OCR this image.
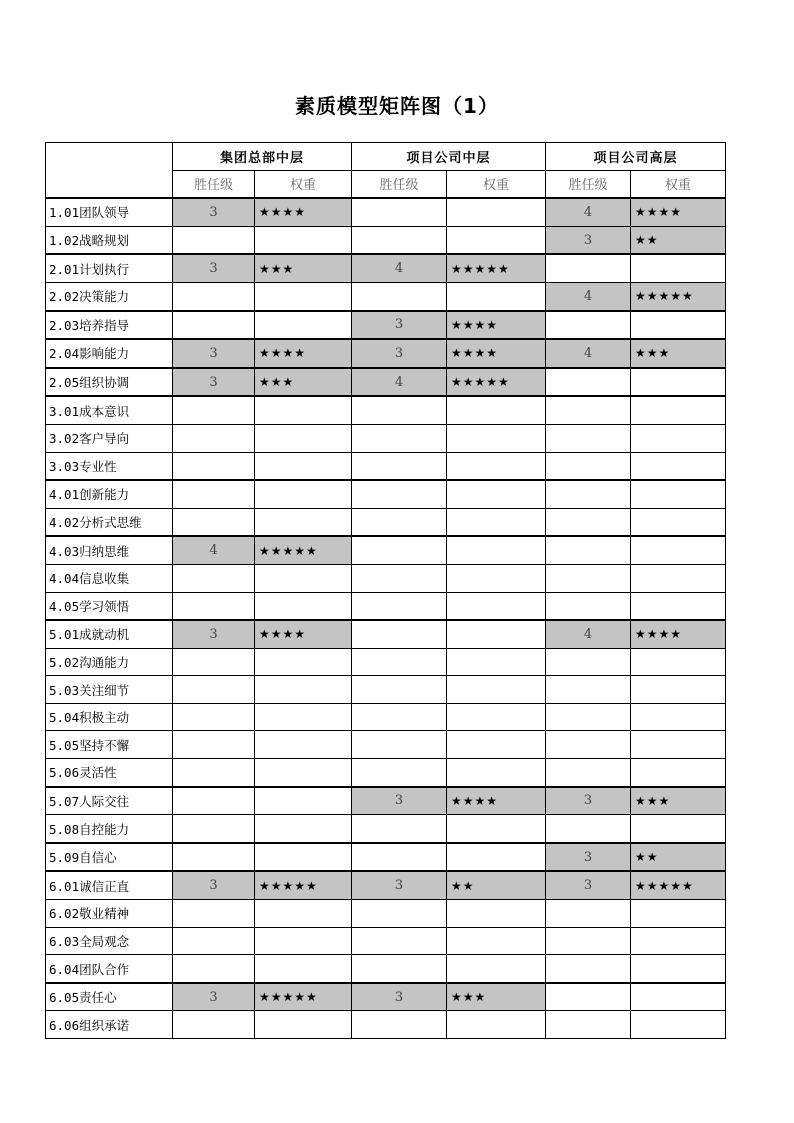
素质模型矩阵图（1）
	集团总部中层		项目公司中层		项目公司高层	
	胜任级	权重	胜任级	权重	胜任级	权重
1.01团队领导	3	★★★★			4	★★★★
1.02战略规划					3	★★
2.01计划执行	3	★★★	4	★★★★★		
2.02决策能力					4	★★★★★
2.03培养指导			3	★★★★		
2.04影响能力	3	★★★★	3	★★★★	4	★★★
2.05组织协调	3	★★★	4	★★★★★		
3.01成本意识						
3.02客户导向						
3.03专业性						
4.01创新能力						
4.02分析式思维						
4.03归纳思维	4	★★★★★				
4.04信息收集						
4.05学习领悟						
5.01成就动机	3	★★★★			4	★★★★
5.02沟通能力						
5.03关注细节						
5.04积极主动						
5.05坚持不懈						
5.06灵活性						
5.07人际交往			3	★★★★	3	★★★
5.08自控能力						
5.09自信心					3	★★
6.01诚信正直	3	★★★★★	3	★★	3	★★★★★
6.02敬业精神						
6.03全局观念						
6.04团队合作						
6.05责任心	3	★★★★★	3	★★★		
6.06组织承诺						
